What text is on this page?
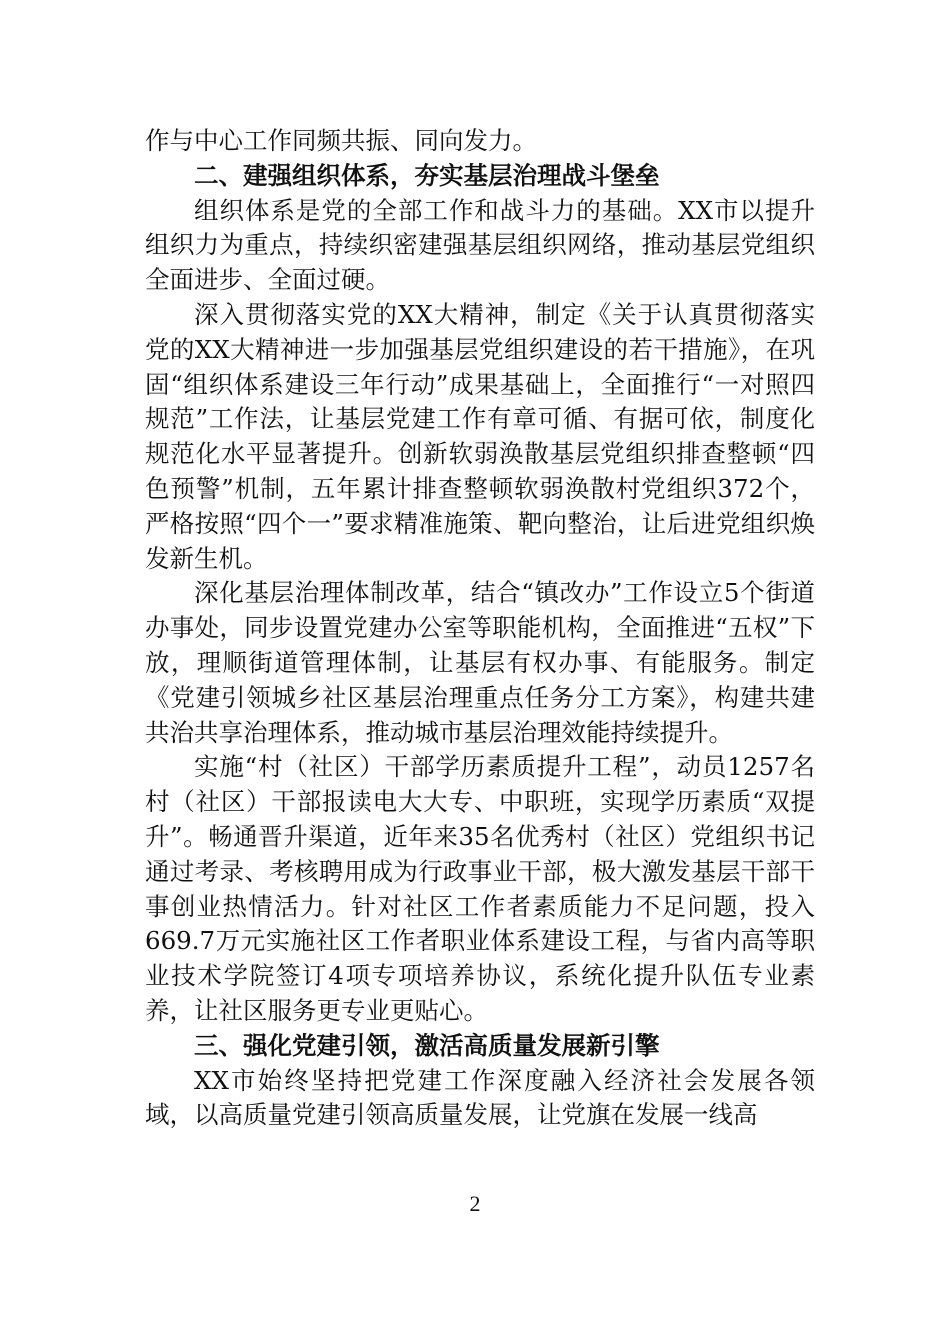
作与中心工作同频共振、同向发力。

二、建强组织体系，夯实基层治理战斗堡垒

组织体系是党的全部工作和战斗力的基础。XX市以提升组织力为重点，持续织密建强基层组织网络，推动基层党组织全面进步、全面过硬。

深入贯彻落实党的XX大精神，制定《关于认真贯彻落实党的XX大精神进一步加强基层党组织建设的若干措施》，在巩固“组织体系建设三年行动”成果基础上，全面推行“一对照四规范”工作法，让基层党建工作有章可循、有据可依，制度化规范化水平显著提升。创新软弱涣散基层党组织排查整顿“四色预警”机制，五年累计排查整顿软弱涣散村党组织372个，严格按照“四个一”要求精准施策、靶向整治，让后进党组织焕发新生机。

深化基层治理体制改革，结合“镇改办”工作设立5个街道办事处，同步设置党建办公室等职能机构，全面推进“五权”下放，理顺街道管理体制，让基层有权办事、有能服务。制定《党建引领城乡社区基层治理重点任务分工方案》，构建共建共治共享治理体系，推动城市基层治理效能持续提升。

实施“村（社区）干部学历素质提升工程”，动员1257名村（社区）干部报读电大大专、中职班，实现学历素质“双提升”。畅通晋升渠道，近年来35名优秀村（社区）党组织书记通过考录、考核聘用成为行政事业干部，极大激发基层干部干事创业热情活力。针对社区工作者素质能力不足问题，投入669.7万元实施社区工作者职业体系建设工程，与省内高等职业技术学院签订4项专项培养协议，系统化提升队伍专业素养，让社区服务更专业更贴心。

三、强化党建引领，激活高质量发展新引擎

XX市始终坚持把党建工作深度融入经济社会发展各领域，以高质量党建引领高质量发展，让党旗在发展一线高

2
